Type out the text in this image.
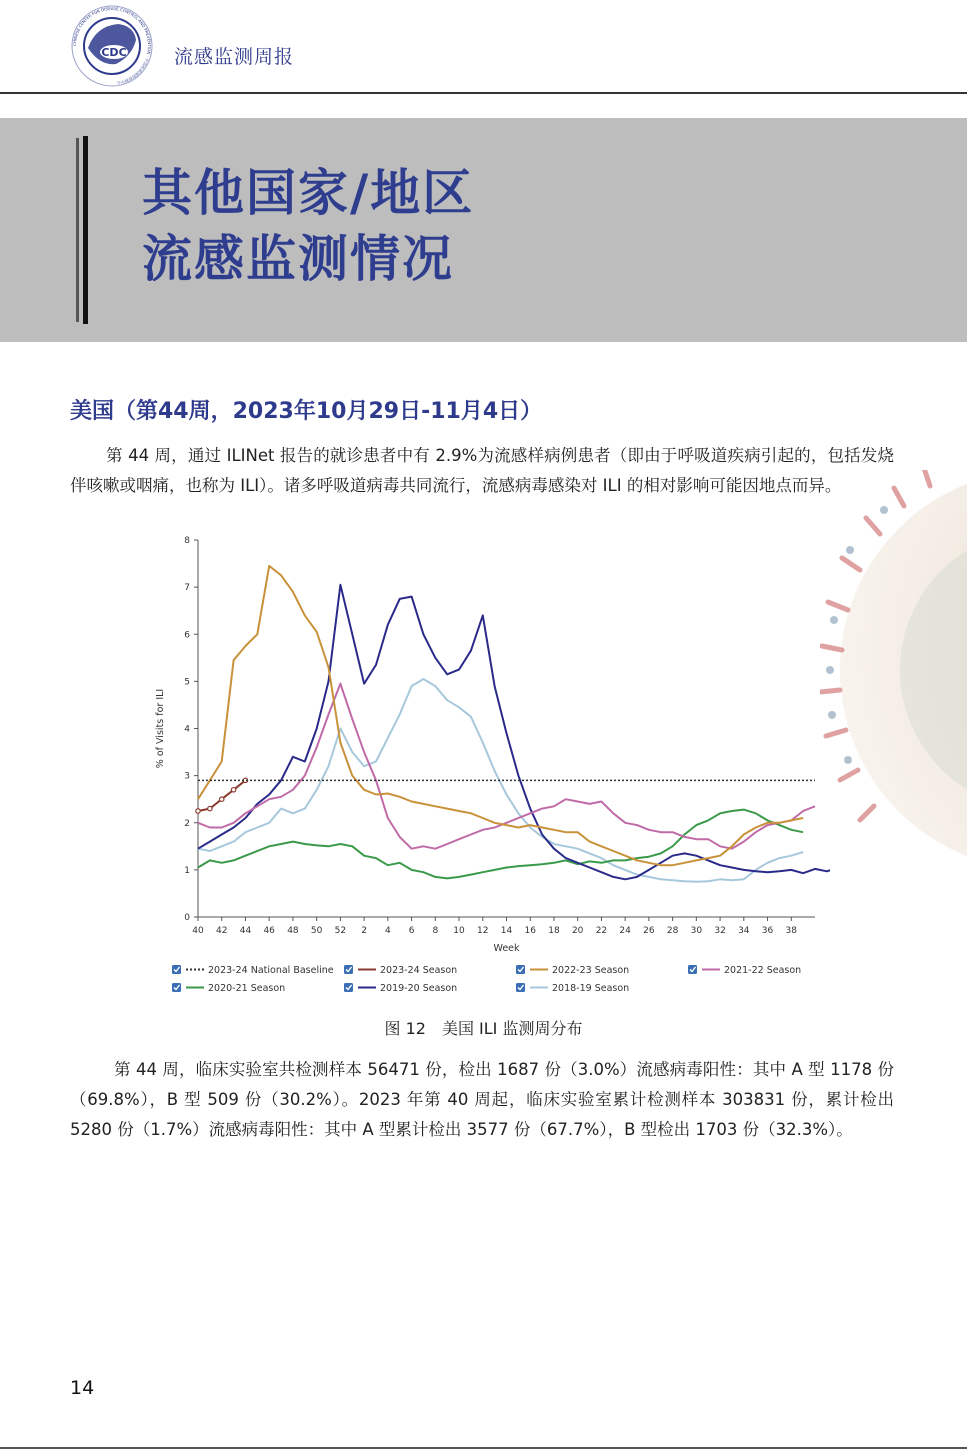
CDC
CHINESE CENTER FOR DISEASE CONTROL AND PREVENTION · 中国疾病预防控制中心
流感监测周报
其他国家/地区
流感监测情况
美国（第44周，2023年10月29日-11月4日）
第 44 周，通过 ILINet 报告的就诊患者中有 2.9%为流感样病例患者（即由于呼吸道疾病引起的，包括发烧伴咳嗽或咽痛，也称为 ILI）。诸多呼吸道病毒共同流行，流感病毒感染对 ILI 的相对影响可能因地点而异。
0
1
2
3
4
5
6
7
8
40 42 44 46 48 50 52 2 4 6 8 10 12 14 16 18 20 22 24 26 28 30 32 34 36 38
Week
% of Visits for ILI
2023-24 National Baseline	2023-24 Season	2022-23 Season	2021-22 Season
2020-21 Season	2019-20 Season	2018-19 Season
图 12　美国 ILI 监测周分布
第 44 周，临床实验室共检测样本 56471 份，检出 1687 份（3.0%）流感病毒阳性：其中 A 型 1178 份（69.8%），B 型 509 份（30.2%）。2023 年第 40 周起，临床实验室累计检测样本 303831 份，累计检出 5280 份（1.7%）流感病毒阳性：其中 A 型累计检出 3577 份（67.7%），B 型检出 1703 份（32.3%）。
14
